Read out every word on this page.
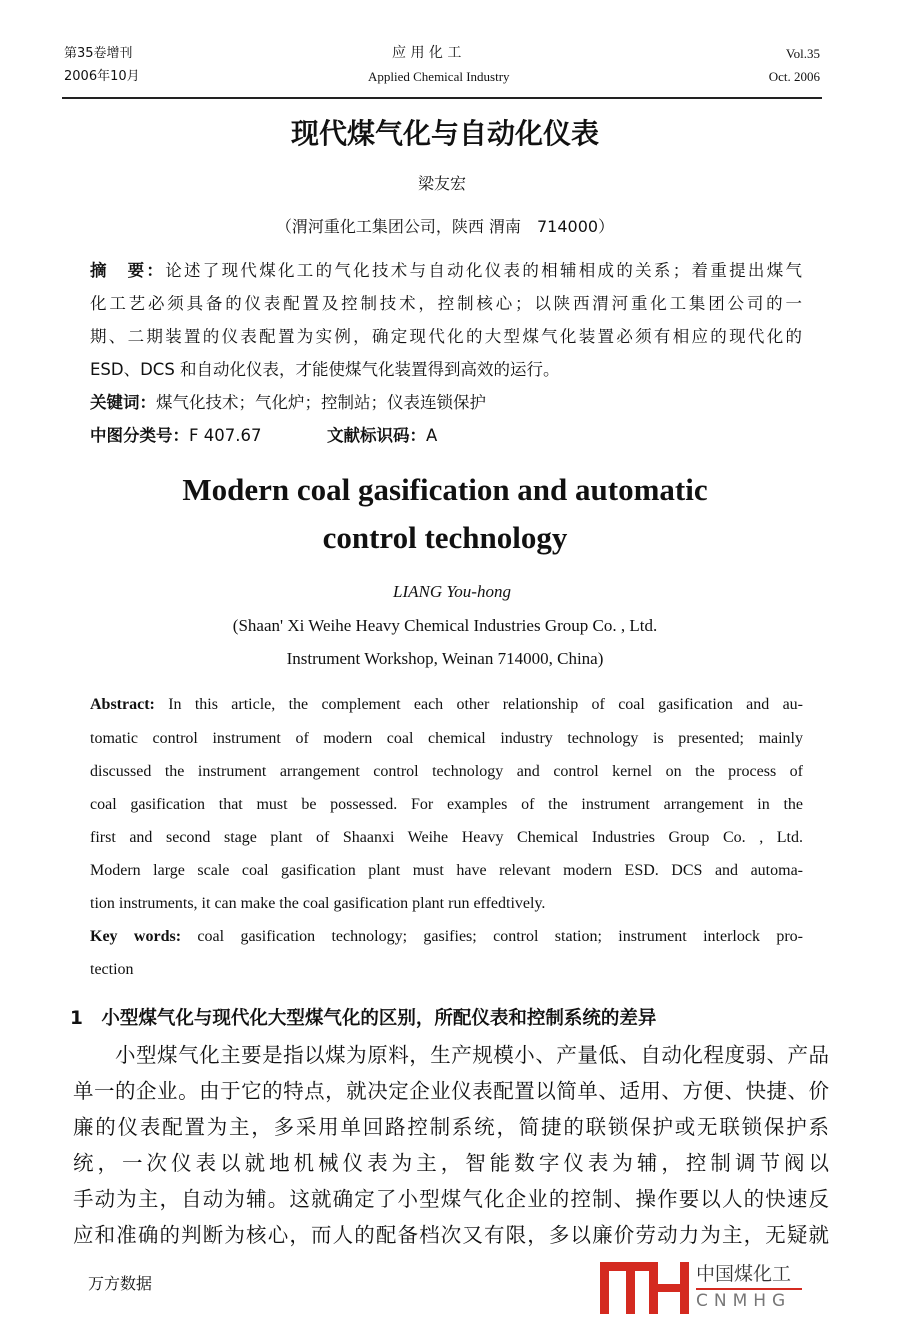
第35卷增刊
2006年10月
应 用 化 工
Applied Chemical Industry
Vol.35
Oct. 2006
现代煤气化与自动化仪表
梁友宏
（渭河重化工集团公司，陕西 渭南　714000）
摘　要：论述了现代煤化工的气化技术与自动化仪表的相辅相成的关系；着重提出煤气
化工艺必须具备的仪表配置及控制技术，控制核心；以陕西渭河重化工集团公司的一
期、二期装置的仪表配置为实例，确定现代化的大型煤气化装置必须有相应的现代化的
ESD、DCS 和自动化仪表，才能使煤气化装置得到高效的运行。
关键词：煤气化技术；气化炉；控制站；仪表连锁保护
中图分类号：F 407.67	文献标识码：A
Modern coal gasification and automatic
control technology
LIANG You-hong
(Shaan' Xi Weihe Heavy Chemical Industries Group Co. , Ltd.
Instrument Workshop, Weinan 714000, China)
Abstract: In this article, the complement each other relationship of coal gasification and au-
tomatic control instrument of modern coal chemical industry technology is presented; mainly
discussed the instrument arrangement control technology and control kernel on the process of
coal gasification that must be possessed. For examples of the instrument arrangement in the
first and second stage plant of Shaanxi Weihe Heavy Chemical Industries Group Co. , Ltd.
Modern large scale coal gasification plant must have relevant modern ESD. DCS and automa-
tion instruments, it can make the coal gasification plant run effedtively.
Key words: coal gasification technology; gasifies; control station; instrument interlock pro-
tection
1　小型煤气化与现代化大型煤气化的区别，所配仪表和控制系统的差异
　　小型煤气化主要是指以煤为原料，生产规模小、产量低、自动化程度弱、产品
单一的企业。由于它的特点，就决定企业仪表配置以简单、适用、方便、快捷、价
廉的仪表配置为主，多采用单回路控制系统，简捷的联锁保护或无联锁保护系
统，一次仪表以就地机械仪表为主，智能数字仪表为辅，控制调节阀以
手动为主，自动为辅。这就确定了小型煤气化企业的控制、操作要以人的快速反
应和准确的判断为核心，而人的配备档次又有限，多以廉价劳动力为主，无疑就
中国煤化工
CNMHG
万方数据
